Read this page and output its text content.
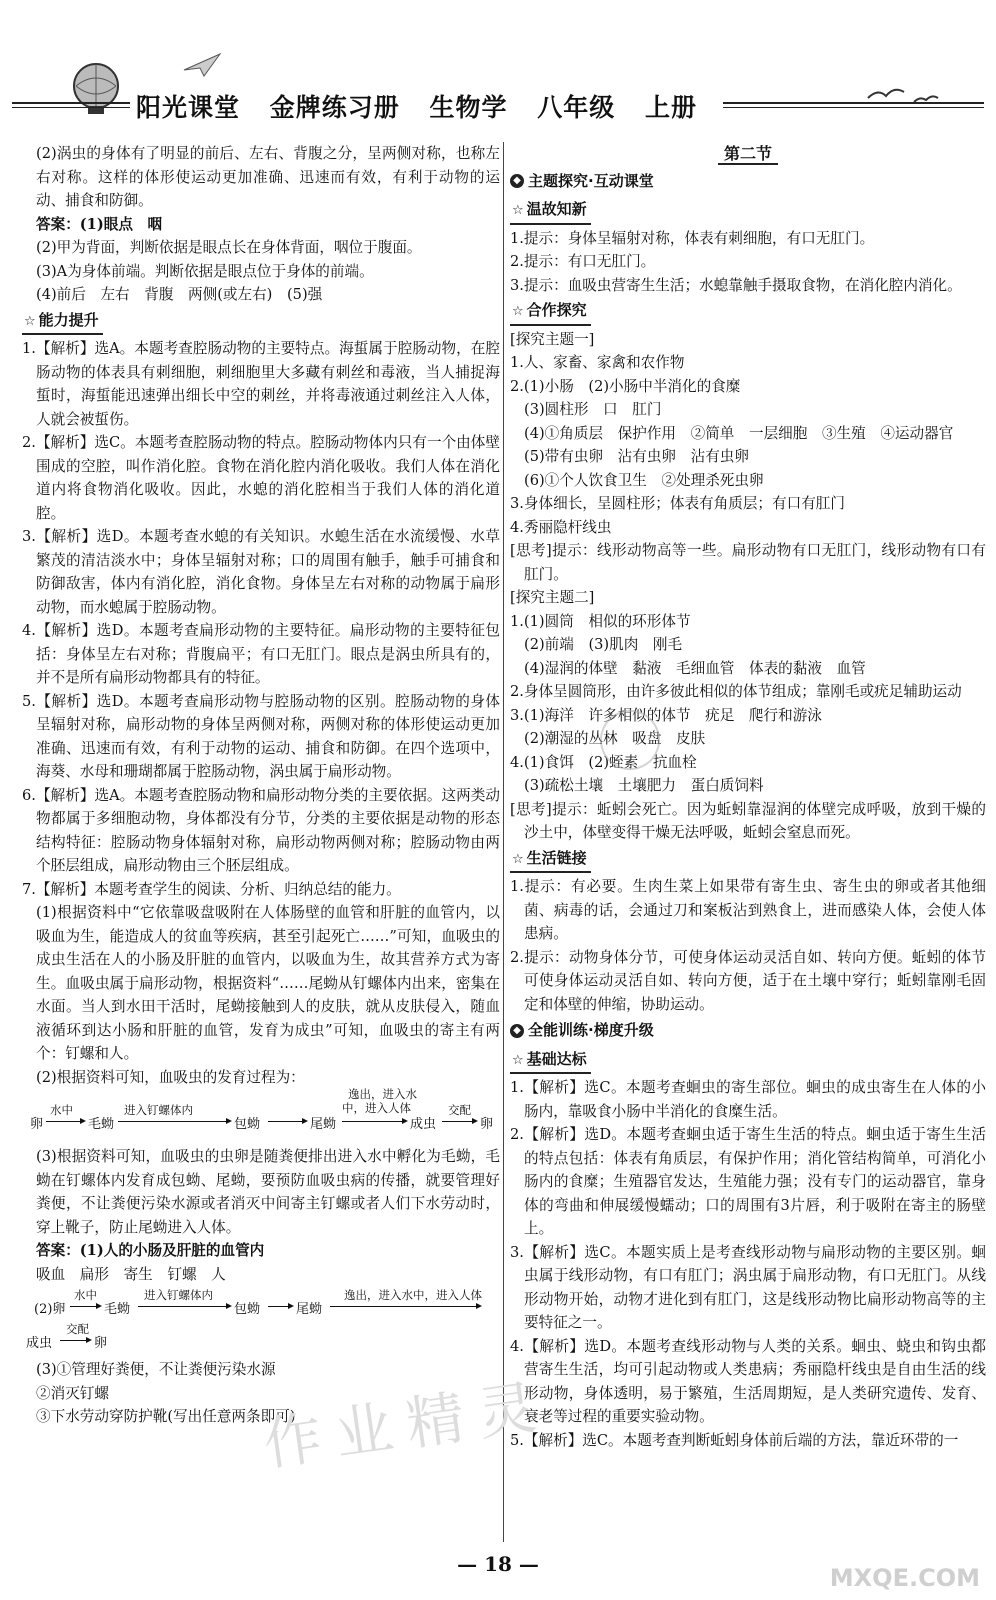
阳光课堂 金牌练习册 生物学 八年级 上册

(2)涡虫的身体有了明显的前后、左右、背腹之分，呈两侧对称，也称左右对称。这样的体形使运动更加准确、迅速而有效，有利于动物的运动、捕食和防御。

答案：(1)眼点　咽

(2)甲为背面，判断依据是眼点长在身体背面，咽位于腹面。

(3)A为身体前端。判断依据是眼点位于身体的前端。

(4)前后　左右　背腹　两侧(或左右)　(5)强

☆ 能力提升

1.【解析】选A。本题考查腔肠动物的主要特点。海蜇属于腔肠动物，在腔肠动物的体表具有刺细胞，刺细胞里大多藏有刺丝和毒液，当人捕捉海蜇时，海蜇能迅速弹出细长中空的刺丝，并将毒液通过刺丝注入人体，人就会被蜇伤。

2.【解析】选C。本题考查腔肠动物的特点。腔肠动物体内只有一个由体壁围成的空腔，叫作消化腔。食物在消化腔内消化吸收。我们人体在消化道内将食物消化吸收。因此，水螅的消化腔相当于我们人体的消化道腔。

3.【解析】选D。本题考查水螅的有关知识。水螅生活在水流缓慢、水草繁茂的清洁淡水中；身体呈辐射对称；口的周围有触手，触手可捕食和防御敌害，体内有消化腔，消化食物。身体呈左右对称的动物属于扁形动物，而水螅属于腔肠动物。

4.【解析】选D。本题考查扁形动物的主要特征。扁形动物的主要特征包括：身体呈左右对称；背腹扁平；有口无肛门。眼点是涡虫所具有的，并不是所有扁形动物都具有的特征。

5.【解析】选D。本题考查扁形动物与腔肠动物的区别。腔肠动物的身体呈辐射对称，扁形动物的身体呈两侧对称，两侧对称的体形使运动更加准确、迅速而有效，有利于动物的运动、捕食和防御。在四个选项中，海葵、水母和珊瑚都属于腔肠动物，涡虫属于扁形动物。

6.【解析】选A。本题考查腔肠动物和扁形动物分类的主要依据。这两类动物都属于多细胞动物，身体都没有分节，分类的主要依据是动物的形态结构特征：腔肠动物身体辐射对称，扁形动物两侧对称；腔肠动物由两个胚层组成，扁形动物由三个胚层组成。

7.【解析】本题考查学生的阅读、分析、归纳总结的能力。

(1)根据资料中“它依靠吸盘吸附在人体肠壁的血管和肝脏的血管内，以吸血为生，能造成人的贫血等疾病，甚至引起死亡……”可知，血吸虫的成虫生活在人的小肠及肝脏的血管内，以吸血为生，故其营养方式为寄生。血吸虫属于扁形动物，根据资料“……尾蚴从钉螺体内出来，密集在水面。当人到水田干活时，尾蚴接触到人的皮肤，就从皮肤侵入，随血液循环到达小肠和肝脏的血管，发育为成虫”可知，血吸虫的寄主有两个：钉螺和人。

(2)根据资料可知，血吸虫的发育过程为：

卵
水中
毛蚴
进入钉螺体内
包蚴	尾蚴
逸出，进入水
中，进入人体
成虫
交配
卵

(3)根据资料可知，血吸虫的虫卵是随粪便排出进入水中孵化为毛蚴，毛蚴在钉螺体内发育成包蚴、尾蚴，要预防血吸虫病的传播，就要管理好粪便，不让粪便污染水源或者消灭中间寄主钉螺或者人们下水劳动时，穿上靴子，防止尾蚴进入人体。

答案：(1)人的小肠及肝脏的血管内

吸血　扁形　寄生　钉螺　人

(2)卵
水中
毛蚴
进入钉螺体内
包蚴	尾蚴
逸出，进入水中，进入人体
成虫
交配
卵

(3)①管理好粪便，不让粪便污染水源

②消灭钉螺

③下水劳动穿防护靴(写出任意两条即可)

第二节
◆ 主题探究·互动课堂
☆ 温故知新

1.提示：身体呈辐射对称，体表有刺细胞，有口无肛门。

2.提示：有口无肛门。

3.提示：血吸虫营寄生生活；水螅靠触手摄取食物，在消化腔内消化。

☆ 合作探究

[探究主题一]

1.人、家畜、家禽和农作物

2.(1)小肠　(2)小肠中半消化的食糜

(3)圆柱形　口　肛门

(4)①角质层　保护作用　②简单　一层细胞　③生殖　④运动器官

(5)带有虫卵　沾有虫卵　沾有虫卵

(6)①个人饮食卫生　②处理杀死虫卵

3.身体细长，呈圆柱形；体表有角质层；有口有肛门

4.秀丽隐杆线虫

[思考]提示：线形动物高等一些。扁形动物有口无肛门，线形动物有口有肛门。

[探究主题二]

1.(1)圆筒　相似的环形体节

(2)前端　(3)肌肉　刚毛

(4)湿润的体壁　黏液　毛细血管　体表的黏液　血管

2.身体呈圆筒形，由许多彼此相似的体节组成；靠刚毛或疣足辅助运动

3.(1)海洋　许多相似的体节　疣足　爬行和游泳

(2)潮湿的丛林　吸盘　皮肤

4.(1)食饵　(2)蛭素　抗血栓

(3)疏松土壤　土壤肥力　蛋白质饲料

[思考]提示：蚯蚓会死亡。因为蚯蚓靠湿润的体壁完成呼吸，放到干燥的沙土中，体壁变得干燥无法呼吸，蚯蚓会窒息而死。

☆ 生活链接

1.提示：有必要。生肉生菜上如果带有寄生虫、寄生虫的卵或者其他细菌、病毒的话，会通过刀和案板沾到熟食上，进而感染人体，会使人体患病。

2.提示：动物身体分节，可使身体运动灵活自如、转向方便。蚯蚓的体节可使身体运动灵活自如、转向方便，适于在土壤中穿行；蚯蚓靠刚毛固定和体壁的伸缩，协助运动。

◆ 全能训练·梯度升级
☆ 基础达标

1.【解析】选C。本题考查蛔虫的寄生部位。蛔虫的成虫寄生在人体的小肠内，靠吸食小肠中半消化的食糜生活。

2.【解析】选D。本题考查蛔虫适于寄生生活的特点。蛔虫适于寄生生活的特点包括：体表有角质层，有保护作用；消化管结构简单，可消化小肠内的食糜；生殖器官发达，生殖能力强；没有专门的运动器官，靠身体的弯曲和伸展缓慢蠕动；口的周围有3片唇，利于吸附在寄主的肠壁上。

3.【解析】选C。本题实质上是考查线形动物与扁形动物的主要区别。蛔虫属于线形动物，有口有肛门；涡虫属于扁形动物，有口无肛门。从线形动物开始，动物才进化到有肛门，这是线形动物比扁形动物高等的主要特征之一。

4.【解析】选D。本题考查线形动物与人类的关系。蛔虫、蛲虫和钩虫都营寄生生活，均可引起动物或人类患病；秀丽隐杆线虫是自由生活的线形动物，身体透明，易于繁殖，生活周期短，是人类研究遗传、发育、衰老等过程的重要实验动物。

5.【解析】选C。本题考查判断蚯蚓身体前后端的方法，靠近环带的一

作业精灵
— 18 —	MXQE.COM
